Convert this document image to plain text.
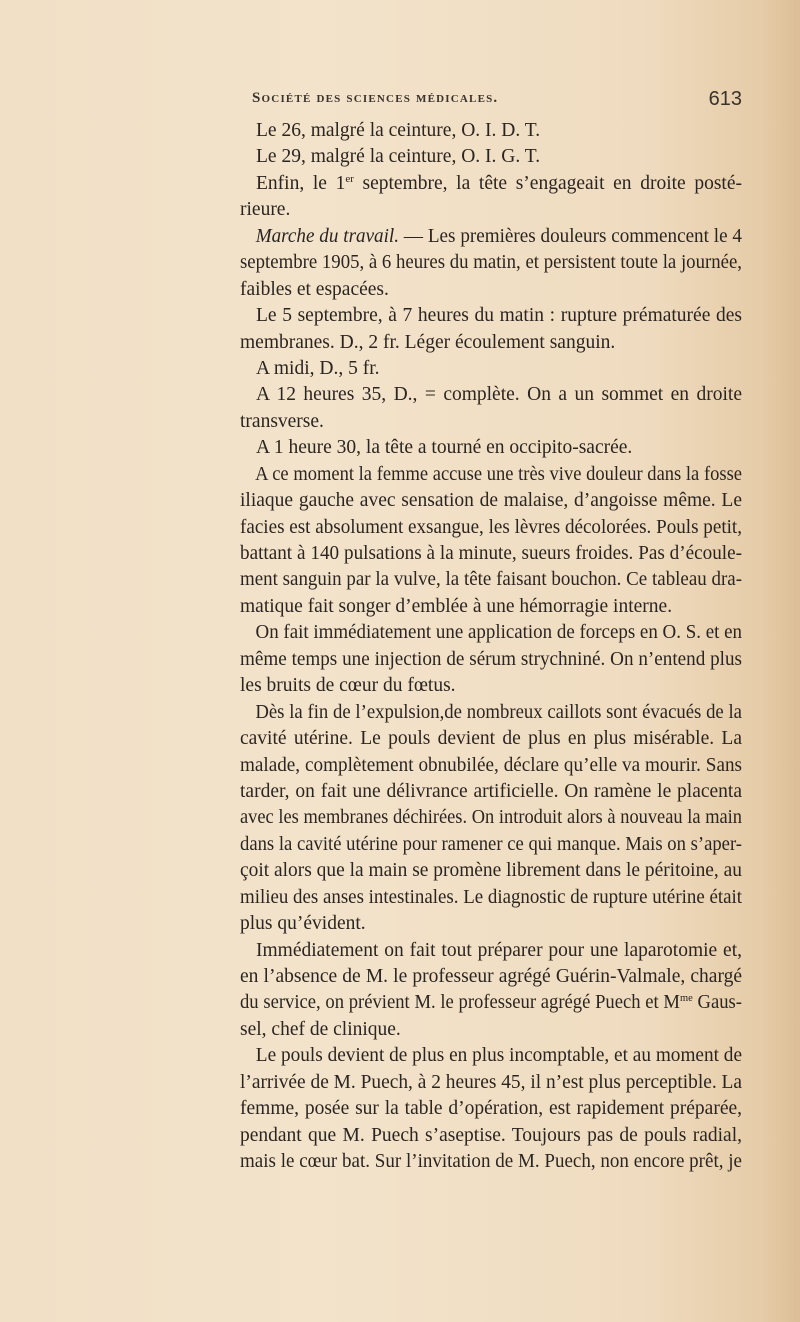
Société des sciences médicales.	613
Le 26, malgré la ceinture, O. I. D. T.
Le 29, malgré la ceinture, O. I. G. T.
Enfin, le 1er septembre, la tête s’engageait en droite posté-
rieure.
Marche du travail. — Les premières douleurs commencent le 4
septembre 1905, à 6 heures du matin, et persistent toute la journée,
faibles et espacées.
Le 5 septembre, à 7 heures du matin : rupture prématurée des
membranes. D., 2 fr. Léger écoulement sanguin.
A midi, D., 5 fr.
A 12 heures 35, D., = complète. On a un sommet en droite
transverse.
A 1 heure 30, la tête a tourné en occipito-sacrée.
A ce moment la femme accuse une très vive douleur dans la fosse
iliaque gauche avec sensation de malaise, d’angoisse même. Le
facies est absolument exsangue, les lèvres décolorées. Pouls petit,
battant à 140 pulsations à la minute, sueurs froides. Pas d’écoule-
ment sanguin par la vulve, la tête faisant bouchon. Ce tableau dra-
matique fait songer d’emblée à une hémorragie interne.
On fait immédiatement une application de forceps en O. S. et en
même temps une injection de sérum strychniné. On n’entend plus
les bruits de cœur du fœtus.
Dès la fin de l’expulsion,de nombreux caillots sont évacués de la
cavité utérine. Le pouls devient de plus en plus misérable. La
malade, complètement obnubilée, déclare qu’elle va mourir. Sans
tarder, on fait une délivrance artificielle. On ramène le placenta
avec les membranes déchirées. On introduit alors à nouveau la main
dans la cavité utérine pour ramener ce qui manque. Mais on s’aper-
çoit alors que la main se promène librement dans le péritoine, au
milieu des anses intestinales. Le diagnostic de rupture utérine était
plus qu’évident.
Immédiatement on fait tout préparer pour une laparotomie et,
en l’absence de M. le professeur agrégé Guérin-Valmale, chargé
du service, on prévient M. le professeur agrégé Puech et $M^{me}$ Gaus-
sel, chef de clinique.
Le pouls devient de plus en plus incomptable, et au moment de
l’arrivée de M. Puech, à 2 heures 45, il n’est plus perceptible. La
femme, posée sur la table d’opération, est rapidement préparée,
pendant que M. Puech s’aseptise. Toujours pas de pouls radial,
mais le cœur bat. Sur l’invitation de M. Puech, non encore prêt, je
